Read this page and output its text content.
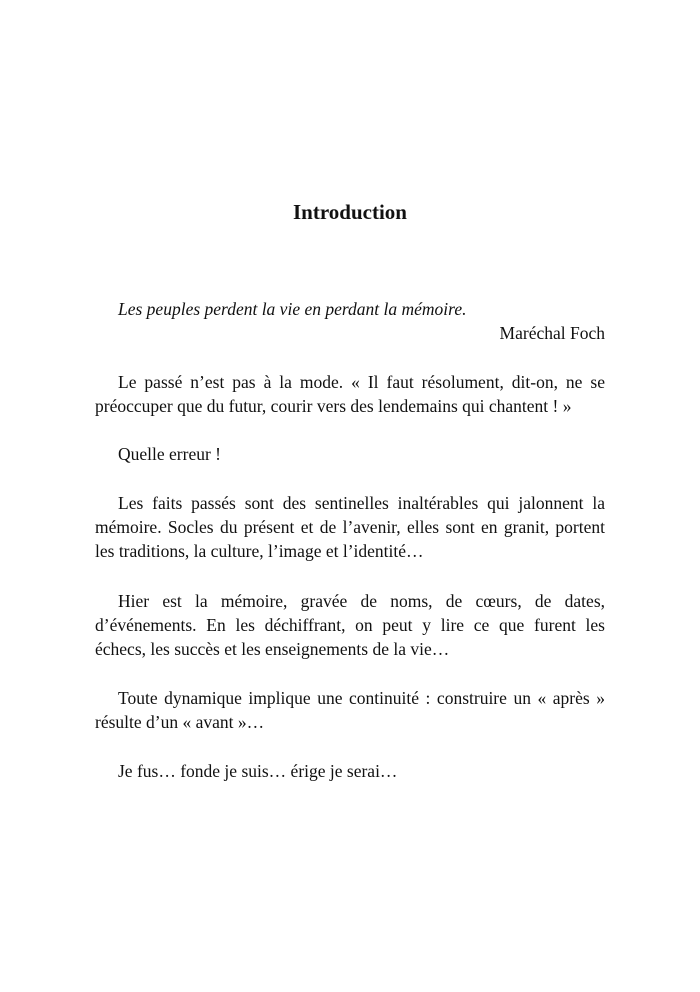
Introduction

Les peuples perdent la vie en perdant la mémoire.

Maréchal Foch

Le passé n’est pas à la mode. « Il faut résolument, dit-on, ne se
préoccuper que du futur, courir vers des lendemains qui chantent ! »
Quelle erreur !
Les faits passés sont des sentinelles inaltérables qui jalonnent la
mémoire. Socles du présent et de l’avenir, elles sont en granit, portent
les traditions, la culture, l’image et l’identité…
Hier est la mémoire, gravée de noms, de cœurs, de dates,
d’événements. En les déchiffrant, on peut y lire ce que furent les
échecs, les succès et les enseignements de la vie…
Toute dynamique implique une continuité : construire un « après »
résulte d’un « avant »…
Je fus… fonde je suis… érige je serai…
